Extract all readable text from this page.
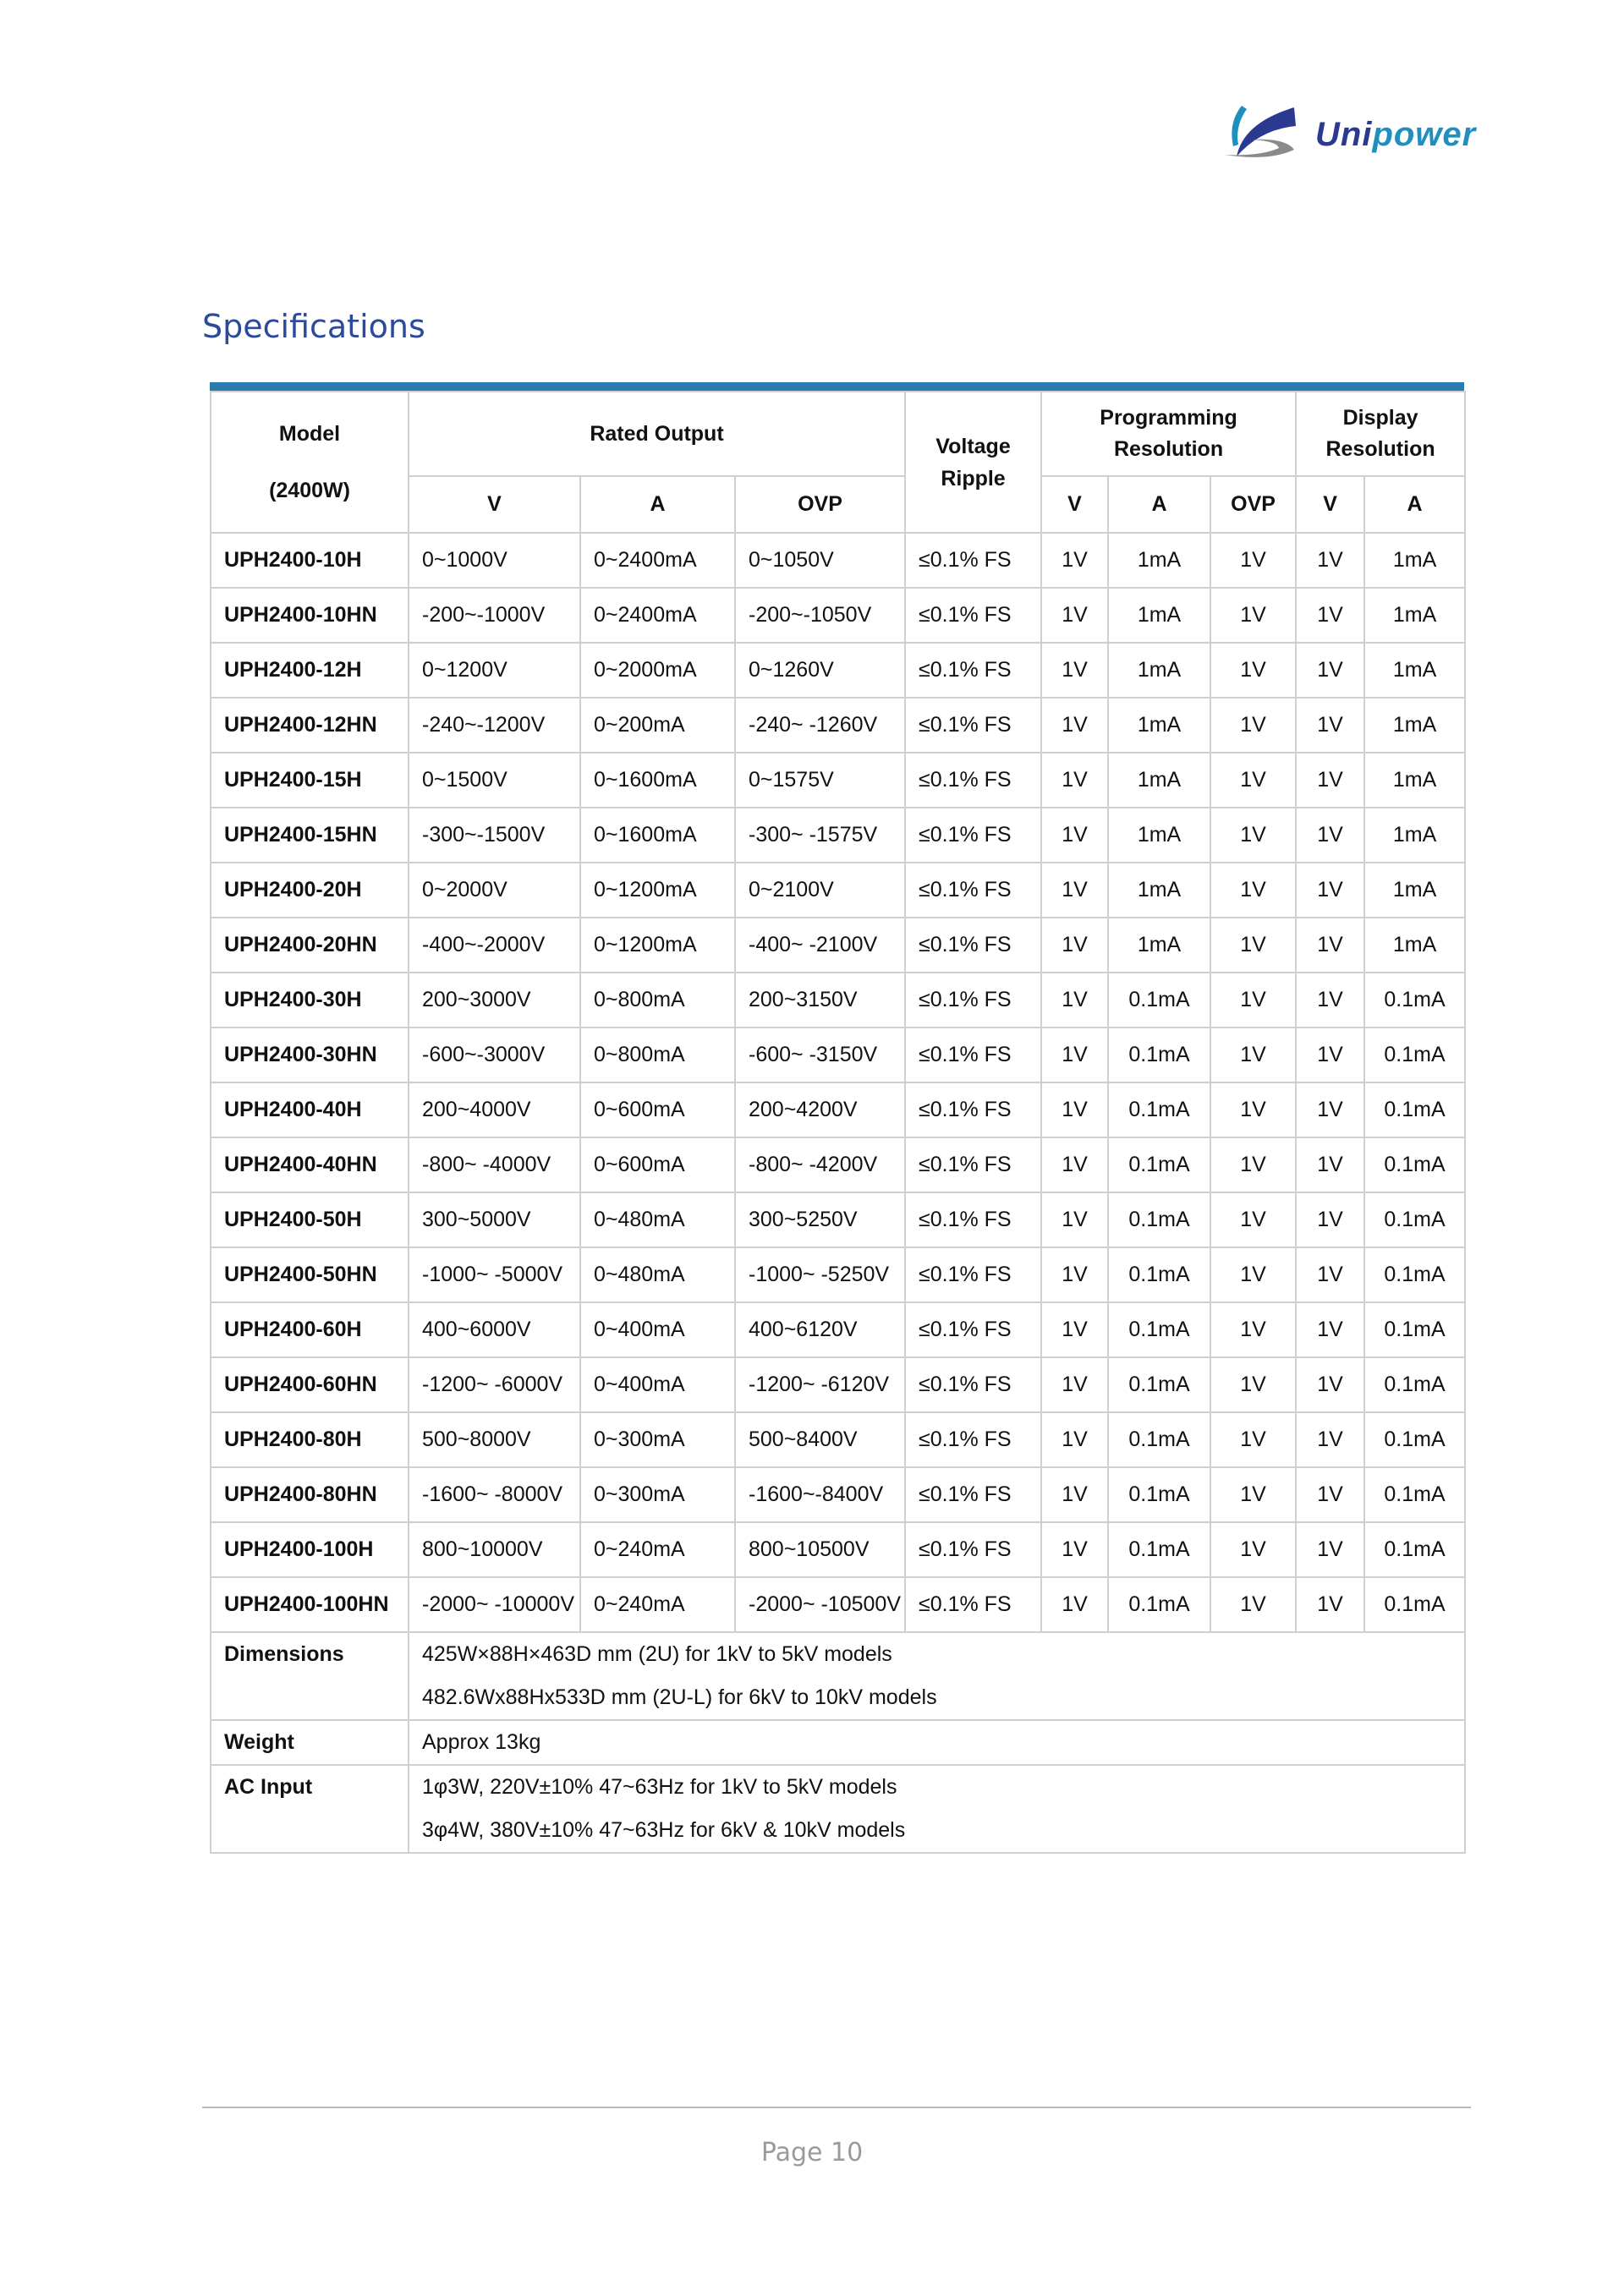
Unipower
Specifications
Model
(2400W)	Rated Output			Voltage Ripple	Programming Resolution			Display Resolution	

	V	A	OVP		V	A	OVP	V	A
UPH2400-10H	0~1000V	0~2400mA	0~1050V	≤0.1% FS	1V	1mA	1V	1V	1mA
UPH2400-10HN	-200~-1000V	0~2400mA	-200~-1050V	≤0.1% FS	1V	1mA	1V	1V	1mA
UPH2400-12H	0~1200V	0~2000mA	0~1260V	≤0.1% FS	1V	1mA	1V	1V	1mA
UPH2400-12HN	-240~-1200V	0~200mA	-240~ -1260V	≤0.1% FS	1V	1mA	1V	1V	1mA
UPH2400-15H	0~1500V	0~1600mA	0~1575V	≤0.1% FS	1V	1mA	1V	1V	1mA
UPH2400-15HN	-300~-1500V	0~1600mA	-300~ -1575V	≤0.1% FS	1V	1mA	1V	1V	1mA
UPH2400-20H	0~2000V	0~1200mA	0~2100V	≤0.1% FS	1V	1mA	1V	1V	1mA
UPH2400-20HN	-400~-2000V	0~1200mA	-400~ -2100V	≤0.1% FS	1V	1mA	1V	1V	1mA
UPH2400-30H	200~3000V	0~800mA	200~3150V	≤0.1% FS	1V	0.1mA	1V	1V	0.1mA
UPH2400-30HN	-600~-3000V	0~800mA	-600~ -3150V	≤0.1% FS	1V	0.1mA	1V	1V	0.1mA
UPH2400-40H	200~4000V	0~600mA	200~4200V	≤0.1% FS	1V	0.1mA	1V	1V	0.1mA
UPH2400-40HN	-800~ -4000V	0~600mA	-800~ -4200V	≤0.1% FS	1V	0.1mA	1V	1V	0.1mA
UPH2400-50H	300~5000V	0~480mA	300~5250V	≤0.1% FS	1V	0.1mA	1V	1V	0.1mA
UPH2400-50HN	-1000~ -5000V	0~480mA	-1000~ -5250V	≤0.1% FS	1V	0.1mA	1V	1V	0.1mA
UPH2400-60H	400~6000V	0~400mA	400~6120V	≤0.1% FS	1V	0.1mA	1V	1V	0.1mA
UPH2400-60HN	-1200~ -6000V	0~400mA	-1200~ -6120V	≤0.1% FS	1V	0.1mA	1V	1V	0.1mA
UPH2400-80H	500~8000V	0~300mA	500~8400V	≤0.1% FS	1V	0.1mA	1V	1V	0.1mA
UPH2400-80HN	-1600~ -8000V	0~300mA	-1600~-8400V	≤0.1% FS	1V	0.1mA	1V	1V	0.1mA
UPH2400-100H	800~10000V	0~240mA	800~10500V	≤0.1% FS	1V	0.1mA	1V	1V	0.1mA
UPH2400-100HN	-2000~ -10000V	0~240mA	-2000~ -10500V	≤0.1% FS	1V	0.1mA	1V	1V	0.1mA
Dimensions	425W×88H×463D mm (2U) for 1kV to 5kV models
482.6Wx88Hx533D mm (2U-L) for 6kV to 10kV models								

Weight	Approx 13kg								

AC Input	1φ3W, 220V±10% 47~63Hz for 1kV to 5kV models
3φ4W, 380V±10% 47~63Hz for 6kV & 10kV models								
Page 10
